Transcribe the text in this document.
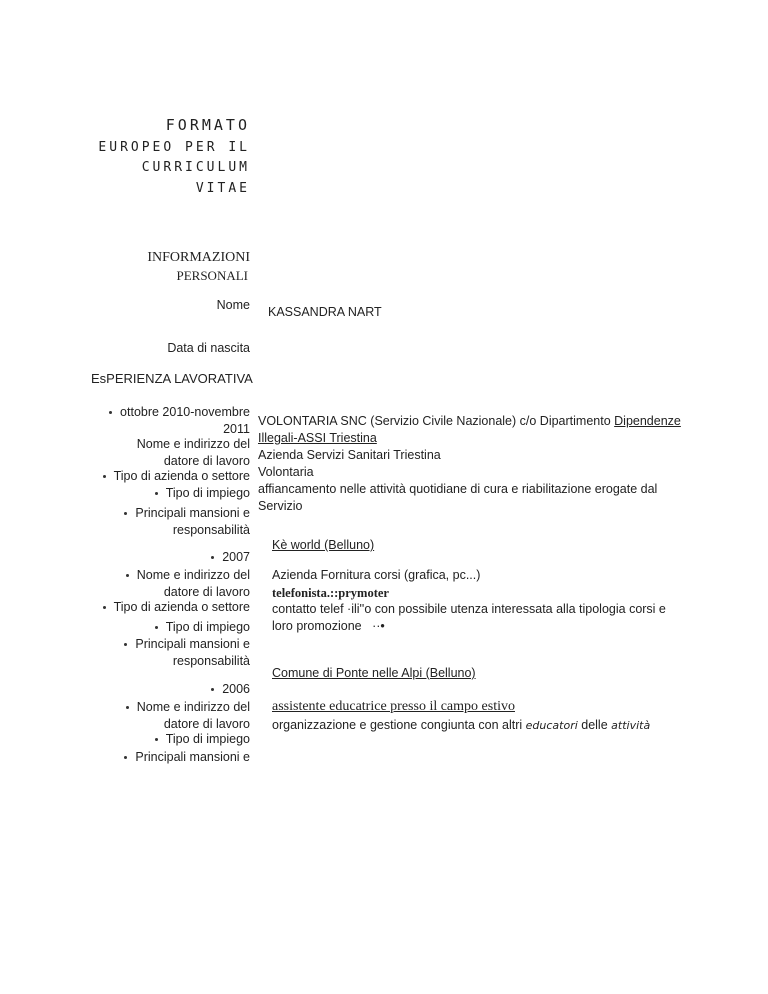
FORMATO
EUROPEO PER IL
CURRICULUM
VITAE
INFORMAZIONI
PERSONALI
Nome KASSANDRA NART
Data di nascita
EsPERIENZA LAVORATIVA
ottobre 2010-novembre
2011
Nome e indirizzo del
datore di lavoro
Tipo di azienda o settore
Tipo di impiego
Principali mansioni e
responsabilità
VOLONTARIA SNC (Servizio Civile Nazionale) c/o Dipartimento Dipendenze
Illegali-ASSI Triestina
Azienda Servizi Sanitari Triestina
Volontaria
affiancamento nelle attività quotidiane di cura e riabilitazione erogate dal Servizio
Kè world (Belluno)
2007
Nome e indirizzo del
datore di lavoro
Tipo di azienda o settore
Tipo di impiego
Principali mansioni e
responsabilità
Azienda Fornitura corsi (grafica, pc...)
telefonista.::prymoter
contatto telef ·ili''o con possibile utenza interessata alla tipologia corsi e
loro promozione ··•
Comune di Ponte nelle Alpi (Belluno)
2006
Nome e indirizzo del
datore di lavoro
Tipo di impiego
Principali mansioni e
assistente educatrice presso il campo estivo
organizzazione e gestione congiunta con altri educatori delle attività
